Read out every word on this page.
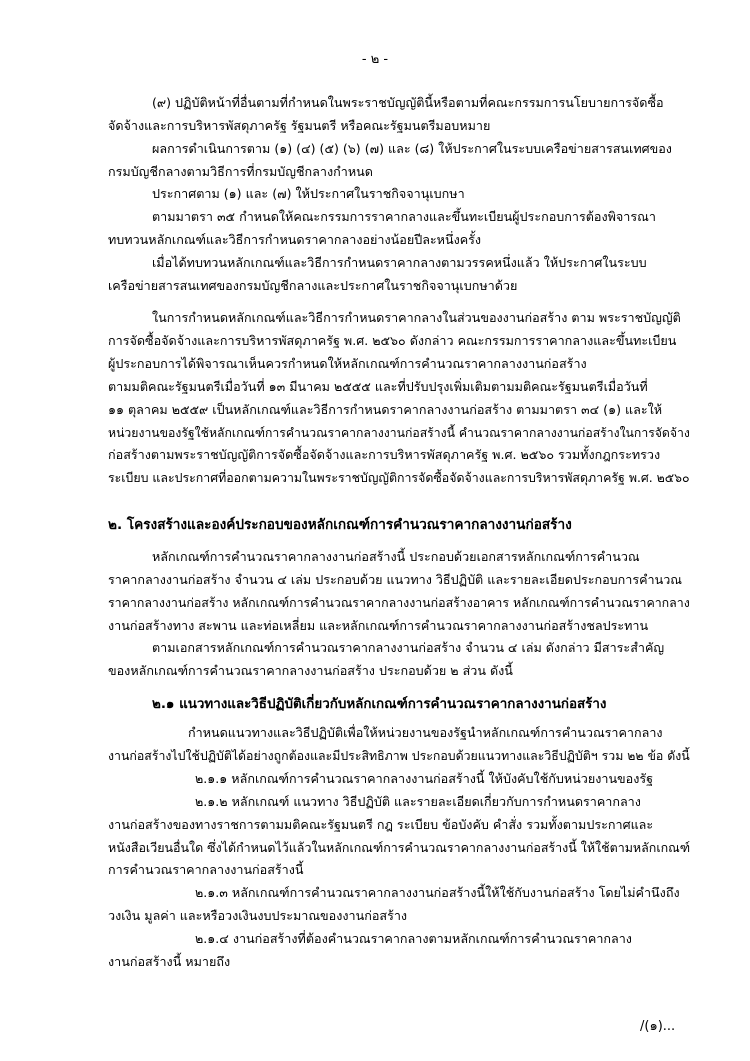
- ๒ -
(๙) ปฏิบัติหน้าที่อื่นตามที่กำหนดในพระราชบัญญัตินี้หรือตามที่คณะกรรมการนโยบายการจัดซื้อ
จัดจ้างและการบริหารพัสดุภาครัฐ รัฐมนตรี หรือคณะรัฐมนตรีมอบหมาย
ผลการดำเนินการตาม (๑) (๔) (๕) (๖) (๗) และ (๘) ให้ประกาศในระบบเครือข่ายสารสนเทศของ
กรมบัญชีกลางตามวิธีการที่กรมบัญชีกลางกำหนด
ประกาศตาม (๑) และ (๗) ให้ประกาศในราชกิจจานุเบกษา
ตามมาตรา ๓๕ กำหนดให้คณะกรรมการราคากลางและขึ้นทะเบียนผู้ประกอบการต้องพิจารณา
ทบทวนหลักเกณฑ์และวิธีการกำหนดราคากลางอย่างน้อยปีละหนึ่งครั้ง
เมื่อได้ทบทวนหลักเกณฑ์และวิธีการกำหนดราคากลางตามวรรคหนึ่งแล้ว ให้ประกาศในระบบ
เครือข่ายสารสนเทศของกรมบัญชีกลางและประกาศในราชกิจจานุเบกษาด้วย
ในการกำหนดหลักเกณฑ์และวิธีการกำหนดราคากลางในส่วนของงานก่อสร้าง ตาม พระราชบัญญัติ
การจัดซื้อจัดจ้างและการบริหารพัสดุภาครัฐ พ.ศ. ๒๕๖๐ ดังกล่าว คณะกรรมการราคากลางและขึ้นทะเบียน
ผู้ประกอบการได้พิจารณาเห็นควรกำหนดให้หลักเกณฑ์การคำนวณราคากลางงานก่อสร้าง
ตามมติคณะรัฐมนตรีเมื่อวันที่ ๑๓ มีนาคม ๒๕๕๕ และที่ปรับปรุงเพิ่มเติมตามมติคณะรัฐมนตรีเมื่อวันที่
๑๑ ตุลาคม ๒๕๕๙ เป็นหลักเกณฑ์และวิธีการกำหนดราคากลางงานก่อสร้าง ตามมาตรา ๓๔ (๑) และให้
หน่วยงานของรัฐใช้หลักเกณฑ์การคำนวณราคากลางงานก่อสร้างนี้ คำนวณราคากลางงานก่อสร้างในการจัดจ้าง
ก่อสร้างตามพระราชบัญญัติการจัดซื้อจัดจ้างและการบริหารพัสดุภาครัฐ พ.ศ. ๒๕๖๐ รวมทั้งกฎกระทรวง
ระเบียบ และประกาศที่ออกตามความในพระราชบัญญัติการจัดซื้อจัดจ้างและการบริหารพัสดุภาครัฐ พ.ศ. ๒๕๖๐
๒. โครงสร้างและองค์ประกอบของหลักเกณฑ์การคำนวณราคากลางงานก่อสร้าง
หลักเกณฑ์การคำนวณราคากลางงานก่อสร้างนี้ ประกอบด้วยเอกสารหลักเกณฑ์การคำนวณ
ราคากลางงานก่อสร้าง จำนวน ๔ เล่ม ประกอบด้วย แนวทาง วิธีปฏิบัติ และรายละเอียดประกอบการคำนวณ
ราคากลางงานก่อสร้าง หลักเกณฑ์การคำนวณราคากลางงานก่อสร้างอาคาร หลักเกณฑ์การคำนวณราคากลาง
งานก่อสร้างทาง สะพาน และท่อเหลี่ยม และหลักเกณฑ์การคำนวณราคากลางงานก่อสร้างชลประทาน
ตามเอกสารหลักเกณฑ์การคำนวณราคากลางงานก่อสร้าง จำนวน ๔ เล่ม ดังกล่าว มีสาระสำคัญ
ของหลักเกณฑ์การคำนวณราคากลางงานก่อสร้าง ประกอบด้วย ๒ ส่วน ดังนี้
๒.๑ แนวทางและวิธีปฏิบัติเกี่ยวกับหลักเกณฑ์การคำนวณราคากลางงานก่อสร้าง
กำหนดแนวทางและวิธีปฏิบัติเพื่อให้หน่วยงานของรัฐนำหลักเกณฑ์การคำนวณราคากลาง
งานก่อสร้างไปใช้ปฏิบัติได้อย่างถูกต้องและมีประสิทธิภาพ ประกอบด้วยแนวทางและวิธีปฏิบัติฯ รวม ๒๒ ข้อ ดังนี้
๒.๑.๑ หลักเกณฑ์การคำนวณราคากลางงานก่อสร้างนี้ ให้บังคับใช้กับหน่วยงานของรัฐ
๒.๑.๒ หลักเกณฑ์ แนวทาง วิธีปฏิบัติ และรายละเอียดเกี่ยวกับการกำหนดราคากลาง
งานก่อสร้างของทางราชการตามมติคณะรัฐมนตรี กฎ ระเบียบ ข้อบังคับ คำสั่ง รวมทั้งตามประกาศและ
หนังสือเวียนอื่นใด ซึ่งได้กำหนดไว้แล้วในหลักเกณฑ์การคำนวณราคากลางงานก่อสร้างนี้ ให้ใช้ตามหลักเกณฑ์
การคำนวณราคากลางงานก่อสร้างนี้
๒.๑.๓ หลักเกณฑ์การคำนวณราคากลางงานก่อสร้างนี้ให้ใช้กับงานก่อสร้าง โดยไม่คำนึงถึง
วงเงิน มูลค่า และหรือวงเงินงบประมาณของงานก่อสร้าง
๒.๑.๔ งานก่อสร้างที่ต้องคำนวณราคากลางตามหลักเกณฑ์การคำนวณราคากลาง
งานก่อสร้างนี้ หมายถึง
/(๑)...
